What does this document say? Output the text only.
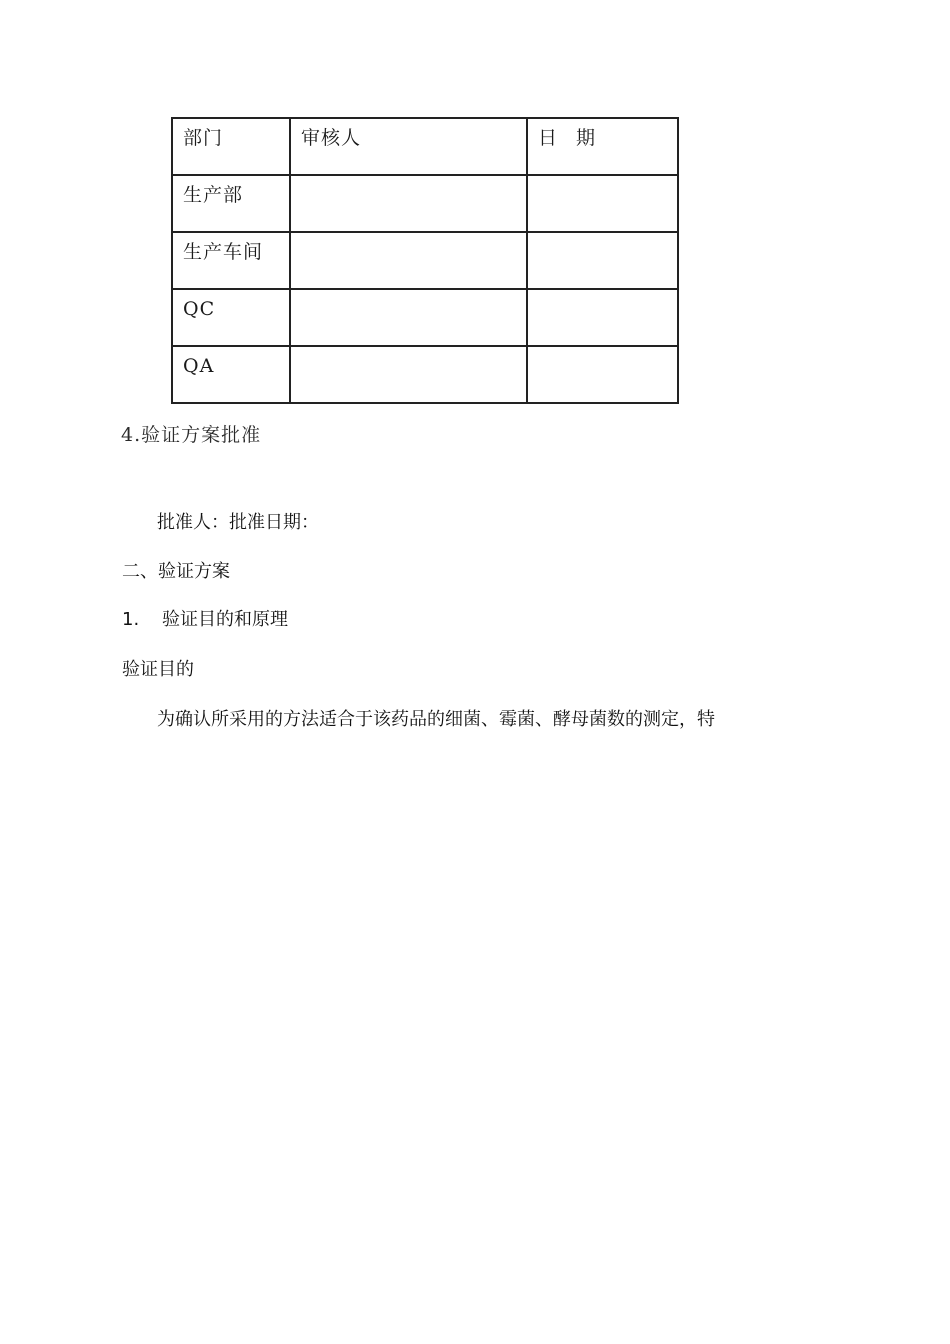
部门	审核人	日　期
生产部		
生产车间		
QC		
QA		
4.验证方案批准
批准人：批准日期：
二、验证方案
1. 验证目的和原理
验证目的
为确认所采用的方法适合于该药品的细菌、霉菌、酵母菌数的测定，特
